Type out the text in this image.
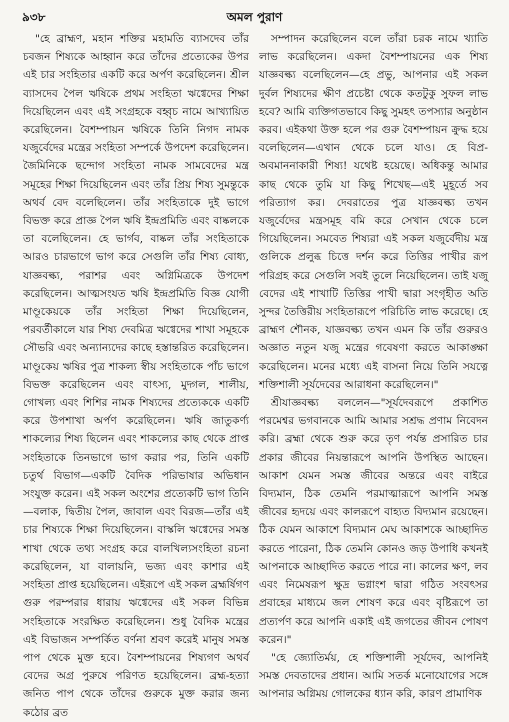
৯৩৮	অমল পুরাণ

"হে ব্রাহ্মণ, মহান শক্তির মহামতি ব্যাসদেব তাঁর চবজন শিষ্যকে আহ্বান করে তাঁদের প্রত্যেকের উপর এই চার সংহিতার একটি করে অর্পণ করেছিলেন। শ্রীল ব্যাসদেব পৈল ঋষিকে প্রথম সংহিতা ঋগ্বেদের শিক্ষা দিয়েছিলেন এবং এই সংগ্রহকে বহ্বৃচ নামে আখ্যায়িত করেছিলেন। বৈশম্পায়ন ঋষিকে তিনি নিগদ নামক যজুর্বেদের মন্ত্রের সংহিতা সম্পর্কে উপদেশ করেছিলেন। জৈমিনিকে ছন্দোগ সংহিতা নামক সামবেদের মন্ত্র সমূহের শিক্ষা দিয়েছিলেন এবং তাঁর প্রিয় শিষ্য সুমন্তুকে অথর্ব বেদ বলেছিলেন। তাঁর সংহিতাকে দুই ভাগে বিভক্ত করে প্রাজ্ঞ পৈল ঋষি ইন্দ্রপ্রমিতি এবং বাষ্কলকে তা বলেছিলেন। হে ভার্গব, বাষ্কল তাঁর সংহিতাকে আরও চারভাগে ভাগ করে সেগুলি তাঁর শিষ্য বোধ্য, যাজ্ঞবল্ক্য, পরাশর এবং অগ্নিমিত্রকে উপদেশ করেছিলেন। আত্মসংযত ঋষি ইন্দ্রপ্রমিতি বিজ্ঞ যোগী মাণ্ডূকেয়কে তাঁর সংহিতা শিক্ষা দিয়েছিলেন, পরবর্তীকালে যার শিষ্য দেবমিত্র ঋগ্বেদের শাখা সমূহকে সৌভরি এবং অন্যান্যদের কাছে হস্তান্তরিত করেছিলেন। মাণ্ডূকেয় ঋষির পুত্র শাকল্য স্বীয় সংহিতাকে পাঁচ ভাগে বিভক্ত করেছিলেন এবং বাৎস্য, মুদ্গল, শালীয়, গোখল্য এবং শিশির নামক শিষ্যদের প্রত্যেককে একটি করে উপশাখা অর্পণ করেছিলেন। ঋষি জাতুকর্ণ্য শাকল্যের শিষ্য ছিলেন এবং শাকল্যের কাছ থেকে প্রাপ্ত সংহিতাকে তিনভাগে ভাগ করার পর, তিনি একটি চতুর্থ বিভাগ—একটি বৈদিক পরিভাষার অভিধান সংযুক্ত করেন। এই সকল অংশের প্রত্যেকটি ভাগ তিনি—বলাক, দ্বিতীয় পৈল, জাবাল এবং বিরজ—তাঁর এই চার শিষ্যকে শিক্ষা দিয়েছিলেন। বাস্কলি ঋগ্বেদের সমস্ত শাখা থেকে তথ্য সংগ্রহ করে বালখিল্যসংহিতা রচনা করেছিলেন, যা বালায়নি, ভজ্য এবং কাশার এই সংহিতা প্রাপ্ত হয়েছিলেন। এইরূপে এই সকল ব্রহ্মর্ষিগণ গুরু পরম্পরার ধারায় ঋগ্বেদের এই সকল বিভিন্ন সংহিতাকে সংরক্ষিত করেছিলেন। শুধু বৈদিক মন্ত্রের এই বিভাজন সম্পর্কিত বর্ণনা শ্রবণ করেই মানুষ সমস্ত পাপ থেকে মুক্ত হবে। বৈশম্পায়নের শিষ্যগণ অথর্ব বেদের অগ্র পুরুষে পরিণত হয়েছিলেন। ব্রহ্ম-হত্যা জনিত পাপ থেকে তাঁদের গুরুকে মুক্ত করার জন্য কঠোর ব্রত

সম্পাদন করেছিলেন বলে তাঁরা চরক নামে খ্যাতি লাভ করেছিলেন। একদা বৈশম্পায়নের এক শিষ্য যাজ্ঞবল্ক্য বলেছিলেন—হে প্রভু, আপনার এই সকল দুর্বল শিষ্যদের ক্ষীণ প্রচেষ্টা থেকে কতটুকু সুফল লাভ হবে? আমি ব্যক্তিগতভাবে কিছু সুমহৎ তপস্যার অনুষ্ঠান করব। এইকথা উক্ত হলে পর গুরু বৈশম্পায়ন ক্রুদ্ধ হয়ে বলেছিলেন—এখান থেকে চলে যাও। হে বিপ্র-অবমাননাকারী শিষ্য! যথেষ্ট হয়েছে। অধিকন্তু আমার কাছ থেকে তুমি যা কিছু শিখেছ—এই মুহূর্তে সব পরিত্যাগ কর। দেবরাতের পুত্র যাজ্ঞবল্ক্য তখন যজুর্বেদের মন্ত্রসমূহ বমি করে সেখান থেকে চলে গিয়েছিলেন। সমবেত শিষ্যরা এই সকল যজুর্বেদীয় মন্ত্র গুলিকে প্রলুব্ধ চিত্তে দর্শন করে তিত্তির পাখীর রূপ পরিগ্রহ করে সেগুলি সবই তুলে নিয়েছিলেন। তাই যজু বেদের এই শাখাটি তিত্তির পাখী দ্বারা সংগৃহীত অতি সুন্দর তৈত্তিরীয় সংহিতারূপে পরিচিতি লাভ করেছে। হে ব্রাহ্মণ শৌনক, যাজ্ঞবল্ক্য তখন এমন কি তাঁর গুরুরও অজ্ঞাত নতুন যজু মন্ত্রের গবেষণা করতে আকাঙ্ক্ষা করেছিলেন। মনের মধ্যে এই বাসনা নিয়ে তিনি সযত্নে শক্তিশালী সূর্যদেবের আরাধনা করেছিলেন।"

শ্রীযাজ্ঞবল্ক্য বললেন—"সূর্যদেবরূপে প্রকাশিত পরমেশ্বর ভগবানকে আমি আমার সশ্রদ্ধ প্রণাম নিবেদন করি। ব্রহ্মা থেকে শুরু করে তৃণ পর্যন্ত প্রসারিত চার প্রকার জীবের নিয়ন্তারূপে আপনি উপস্থিত আছেন। আকাশ যেমন সমস্ত জীবের অন্তরে এবং বাইরে বিদ্যমান, ঠিক তেমনি পরমাত্মারূপে আপনি সমস্ত জীবের হৃদয়ে এবং কালরূপে বাহ্যত বিদ্যমান রয়েছেন। ঠিক যেমন আকাশে বিদ্যমান মেঘ আকাশকে আচ্ছাদিত করতে পারেনা, ঠিক তেমনি কোনও জড় উপাধি কখনই আপনাকে আচ্ছাদিত করতে পারে না। কালের ক্ষণ, লব এবং নিমেষরূপ ক্ষুদ্র ভগ্নাংশ দ্বারা গঠিত সংবৎসর প্রবাহের মাধ্যমে জল শোষণ করে এবং বৃষ্টিরূপে তা প্রত্যর্পণ করে আপনি একাই এই জগতের জীবন পোষণ করেন।"

"হে জ্যোতির্ময়, হে শক্তিশালী সূর্যদেব, আপনিই সমস্ত দেবতাদের প্রধান। আমি সতর্ক মনোযোগের সঙ্গে আপনার অগ্নিময় গোলকের ধ্যান করি, কারণ প্রামাণিক
